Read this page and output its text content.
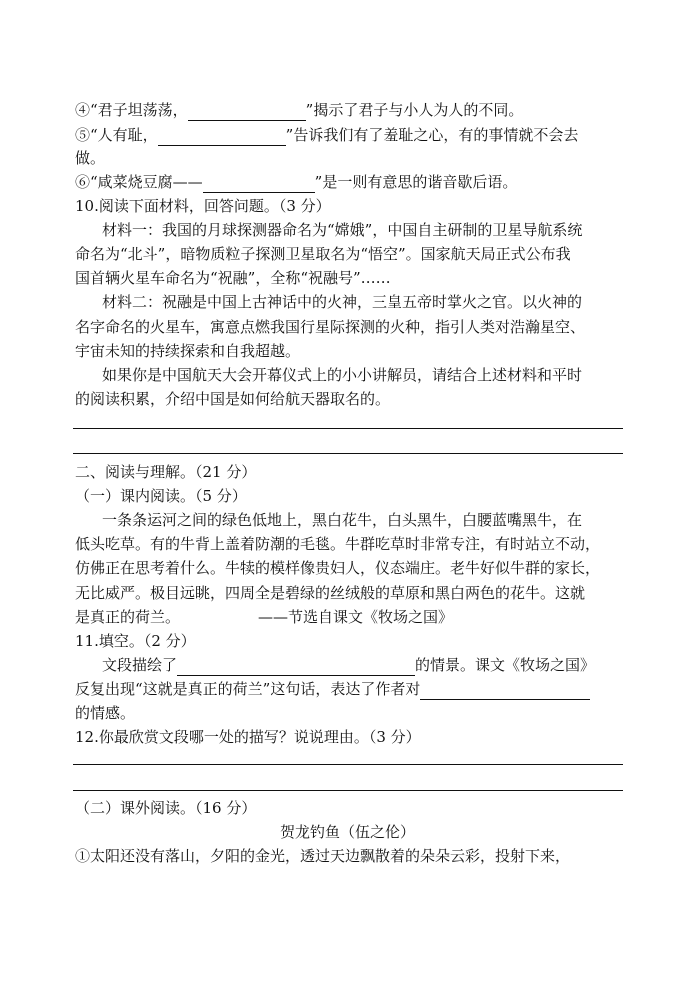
④“君子坦荡荡，	”揭示了君子与小人为人的不同。
⑤“人有耻，	”告诉我们有了羞耻之心，有的事情就不会去
做。
⑥“咸菜烧豆腐——	”是一则有意思的谐音歇后语。
10.阅读下面材料，回答问题。（3 分）
材料一：我国的月球探测器命名为“嫦娥”，中国自主研制的卫星导航系统
命名为“北斗”，暗物质粒子探测卫星取名为“悟空”。国家航天局正式公布我
国首辆火星车命名为“祝融”，全称“祝融号”……
材料二：祝融是中国上古神话中的火神，三皇五帝时掌火之官。以火神的
名字命名的火星车，寓意点燃我国行星际探测的火种，指引人类对浩瀚星空、
宇宙未知的持续探索和自我超越。
如果你是中国航天大会开幕仪式上的小小讲解员，请结合上述材料和平时
的阅读积累，介绍中国是如何给航天器取名的。
二、阅读与理解。（21 分）
（一）课内阅读。（5 分）
一条条运河之间的绿色低地上，黑白花牛，白头黑牛，白腰蓝嘴黑牛，在
低头吃草。有的牛背上盖着防潮的毛毯。牛群吃草时非常专注，有时站立不动，
仿佛正在思考着什么。牛犊的模样像贵妇人，仪态端庄。老牛好似牛群的家长，
无比威严。极目远眺，四周全是碧绿的丝绒般的草原和黑白两色的花牛。这就
是真正的荷兰。	——节选自课文《牧场之国》
11.填空。（2 分）
文段描绘了	的情景。课文《牧场之国》
反复出现“这就是真正的荷兰”这句话，表达了作者对
的情感。
12.你最欣赏文段哪一处的描写？说说理由。（3 分）
（二）课外阅读。（16 分）
贺龙钓鱼（伍之伦）
①太阳还没有落山，夕阳的金光，透过天边飘散着的朵朵云彩，投射下来，
